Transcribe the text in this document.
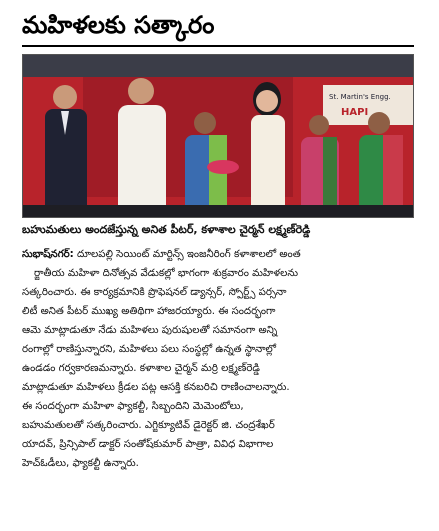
మహిళలకు సత్కారం
St. Martin's Engg.
HAPI
బహుమతులు అందజేస్తున్న అనిత పీటర్, కళాశాల చైర్మన్ లక్ష్మణ్‌రెడ్డి
సుభాష్‌నగర్: దూలపల్లి సెయింట్ మార్టిన్స్ ఇంజనీరింగ్ కళాశాలలో అంత
ర్జాతీయ మహిళా దినోత్సవ వేడుకల్లో భాగంగా శుక్రవారం మహిళలను
సత్కరించారు. ఈ కార్యక్రమానికి ప్రొఫెషనల్ డ్యాన్సర్, స్పోర్ట్స్ పర్సనా
లిటీ అనిత పీటర్ ముఖ్య అతిథిగా హాజరయ్యారు. ఈ సందర్భంగా
ఆమె మాట్లాడుతూ నేడు మహిళలు పురుషులతో సమానంగా అన్ని
రంగాల్లో రాణిస్తున్నారని, మహిళలు పలు సంస్థల్లో ఉన్నత స్థానాల్లో
ఉండడం గర్వకారణమన్నారు. కళాశాల చైర్మన్ మర్రి లక్ష్మణ్‌రెడ్డి
మాట్లాడుతూ మహిళలు క్రీడల పట్ల ఆసక్తి కనబరిచి రాణించాలన్నారు.
ఈ సందర్భంగా మహిళా ఫ్యాకల్టీ, సిబ్బందిని మెమెంటోలు,
బహుమతులతో సత్కరించారు. ఎగ్జిక్యూటివ్ డైరెక్టర్ జి. చంద్రశేఖర్
యాదవ్, ప్రిన్సిపాల్ డాక్టర్ సంతోష్‌కుమార్ పాత్రా, వివిధ విభాగాల
హెచ్‌ఓడీలు, ఫ్యాకల్టీ ఉన్నారు.
